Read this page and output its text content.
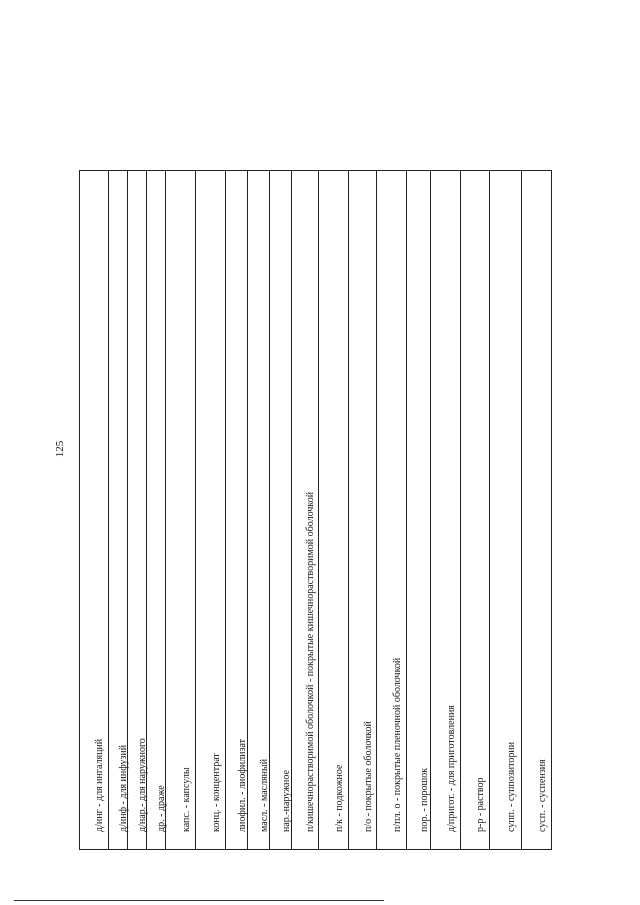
125
д/инг - для ингаляций д/инф - для инфузий д/нар.- для наружного др. - драже капс. - капсулы конц. - концентрат лиофил. - лиофилизат масл. - масляный нар.-наружное п/кишечнорастворимой оболочкой - покрытые кишечнорастворимой оболочкой п/к - подкожное п/о - покрытые оболочкой п/пл. о - покрытые пленочной оболочкой пор. - порошок д/пригот. - для приготовления р-р - раствор супп. - суппозитории сусп. - суспензия
